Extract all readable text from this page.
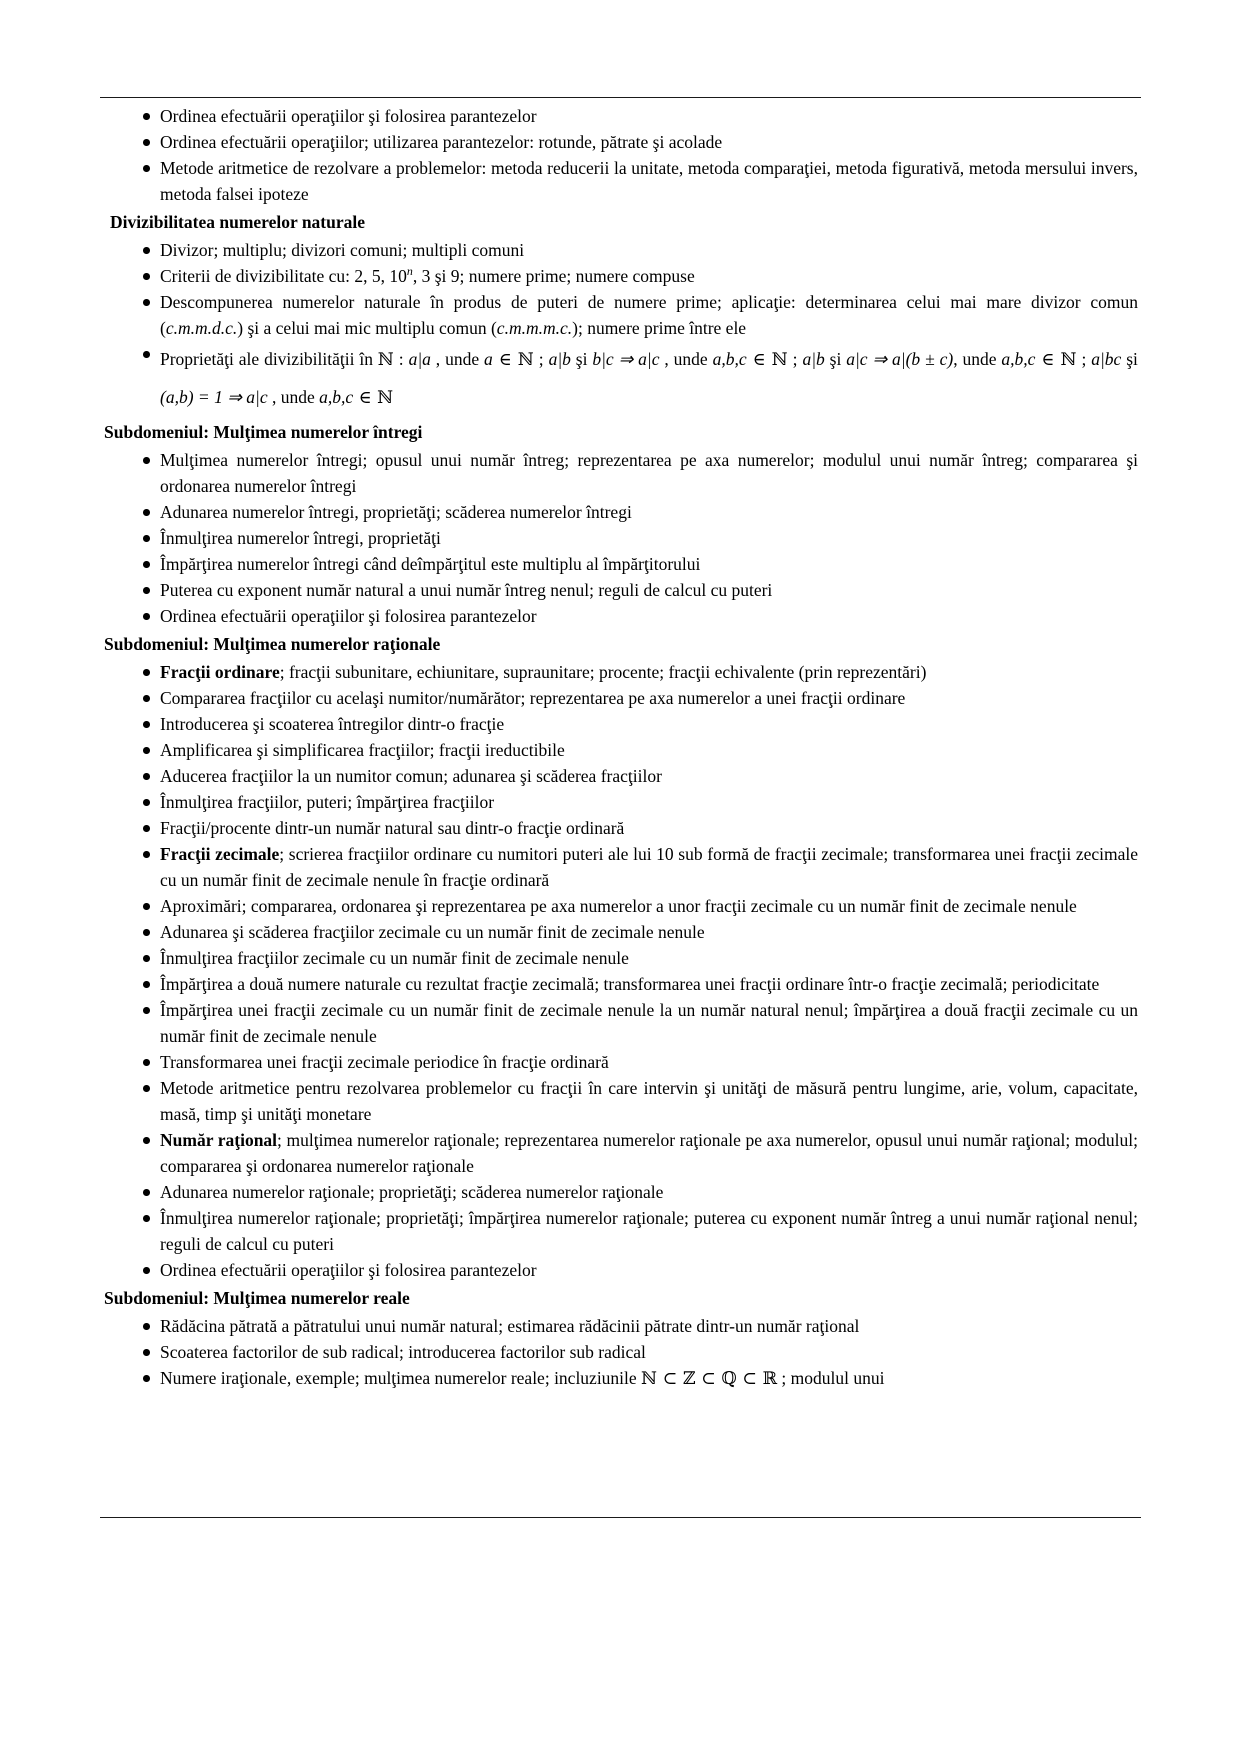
Ordinea efectuării operaţiilor şi folosirea parantezelor
Ordinea efectuării operaţiilor; utilizarea parantezelor: rotunde, pătrate şi acolade
Metode aritmetice de rezolvare a problemelor: metoda reducerii la unitate, metoda comparaţiei, metoda figurativă, metoda mersului invers, metoda falsei ipoteze
Divizibilitatea numerelor naturale
Divizor; multiplu; divizori comuni; multipli comuni
Criterii de divizibilitate cu: 2, 5, 10$^n$, 3 şi 9; numere prime; numere compuse
Descompunerea numerelor naturale în produs de puteri de numere prime; aplicaţie: determinarea celui mai mare divizor comun (c.m.m.d.c.) şi a celui mai mic multiplu comun (c.m.m.m.c.); numere prime între ele
Proprietăţi ale divizibilităţii în ℕ : a|a , unde a ∈ ℕ ; a|b şi b|c ⇒ a|c , unde a,b,c ∈ ℕ ; a|b şi a|c ⇒ a|(b ± c), unde a,b,c ∈ ℕ ; a|bc şi (a,b) = 1 ⇒ a|c , unde a,b,c ∈ ℕ
Subdomeniul: Mulţimea numerelor întregi
Mulţimea numerelor întregi; opusul unui număr întreg; reprezentarea pe axa numerelor; modulul unui număr întreg; compararea şi ordonarea numerelor întregi
Adunarea numerelor întregi, proprietăţi; scăderea numerelor întregi
Înmulţirea numerelor întregi, proprietăţi
Împărţirea numerelor întregi când deîmpărţitul este multiplu al împărţitorului
Puterea cu exponent număr natural a unui număr întreg nenul; reguli de calcul cu puteri
Ordinea efectuării operaţiilor şi folosirea parantezelor
Subdomeniul: Mulţimea numerelor raţionale
Fracţii ordinare; fracţii subunitare, echiunitare, supraunitare; procente; fracţii echivalente (prin reprezentări)
Compararea fracţiilor cu acelaşi numitor/numărător; reprezentarea pe axa numerelor a unei fracţii ordinare
Introducerea şi scoaterea întregilor dintr-o fracţie
Amplificarea şi simplificarea fracţiilor; fracţii ireductibile
Aducerea fracţiilor la un numitor comun; adunarea şi scăderea fracţiilor
Înmulţirea fracţiilor, puteri; împărţirea fracţiilor
Fracţii/procente dintr-un număr natural sau dintr-o fracţie ordinară
Fracţii zecimale; scrierea fracţiilor ordinare cu numitori puteri ale lui 10 sub formă de fracţii zecimale; transformarea unei fracţii zecimale cu un număr finit de zecimale nenule în fracţie ordinară
Aproximări; compararea, ordonarea şi reprezentarea pe axa numerelor a unor fracţii zecimale cu un număr finit de zecimale nenule
Adunarea şi scăderea fracţiilor zecimale cu un număr finit de zecimale nenule
Înmulţirea fracţiilor zecimale cu un număr finit de zecimale nenule
Împărţirea a două numere naturale cu rezultat fracţie zecimală; transformarea unei fracţii ordinare într-o fracţie zecimală; periodicitate
Împărţirea unei fracţii zecimale cu un număr finit de zecimale nenule la un număr natural nenul; împărţirea a două fracţii zecimale cu un număr finit de zecimale nenule
Transformarea unei fracţii zecimale periodice în fracţie ordinară
Metode aritmetice pentru rezolvarea problemelor cu fracţii în care intervin şi unităţi de măsură pentru lungime, arie, volum, capacitate, masă, timp şi unităţi monetare
Număr raţional; mulţimea numerelor raţionale; reprezentarea numerelor raţionale pe axa numerelor, opusul unui număr raţional; modulul; compararea şi ordonarea numerelor raţionale
Adunarea numerelor raţionale; proprietăţi; scăderea numerelor raţionale
Înmulţirea numerelor raţionale; proprietăţi; împărţirea numerelor raţionale; puterea cu exponent număr întreg a unui număr raţional nenul; reguli de calcul cu puteri
Ordinea efectuării operaţiilor şi folosirea parantezelor
Subdomeniul: Mulţimea numerelor reale
Rădăcina pătrată a pătratului unui număr natural; estimarea rădăcinii pătrate dintr-un număr raţional
Scoaterea factorilor de sub radical; introducerea factorilor sub radical
Numere iraţionale, exemple; mulţimea numerelor reale; incluziunile ℕ ⊂ ℤ ⊂ ℚ ⊂ ℝ ; modulul unui
